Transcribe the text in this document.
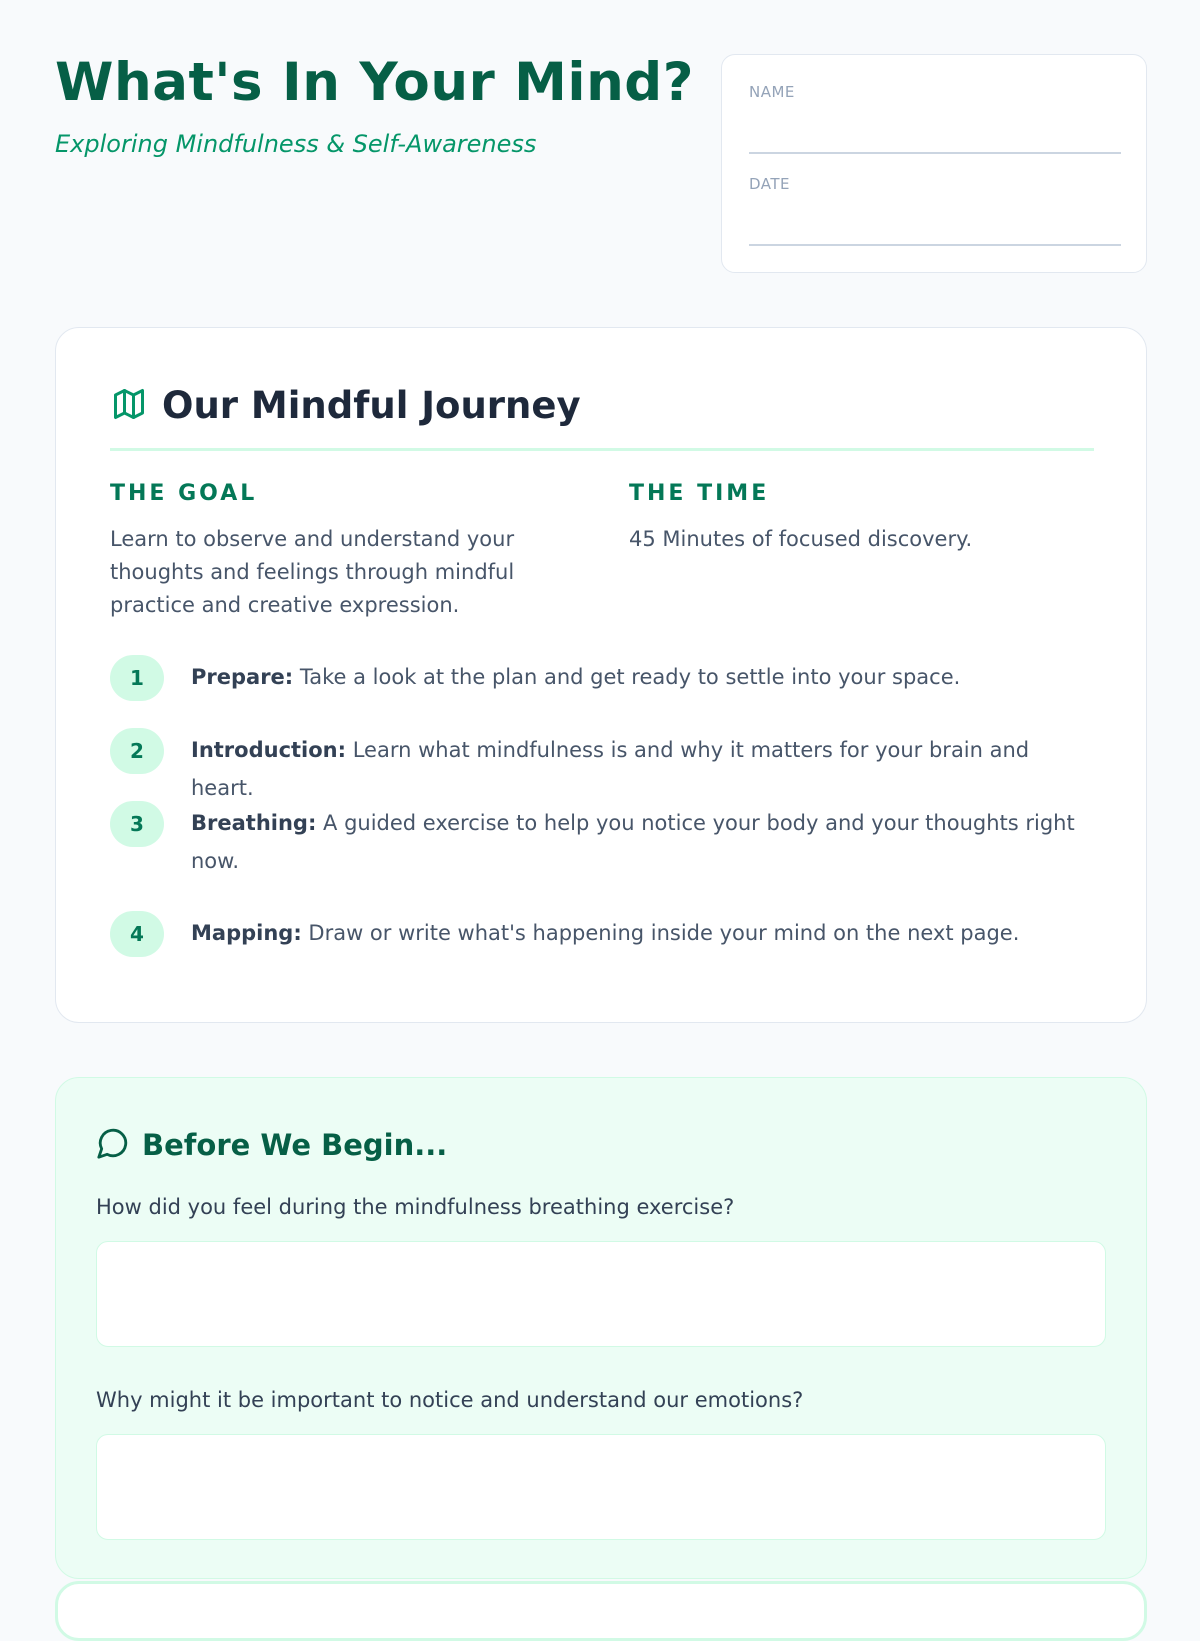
What's In Your Mind?

Exploring Mindfulness & Self-Awareness

NAME
DATE
Our Mindful Journey
THE GOAL
Learn to observe and understand your thoughts and feelings through mindful practice and creative expression.
THE TIME
45 Minutes of focused discovery.
1	Prepare: Take a look at the plan and get ready to settle into your space.
2	Introduction: Learn what mindfulness is and why it matters for your brain and heart.
3	Breathing: A guided exercise to help you notice your body and your thoughts right now.
4	Mapping: Draw or write what's happening inside your mind on the next page.
Before We Begin...
How did you feel during the mindfulness breathing exercise?
Why might it be important to notice and understand our emotions?
